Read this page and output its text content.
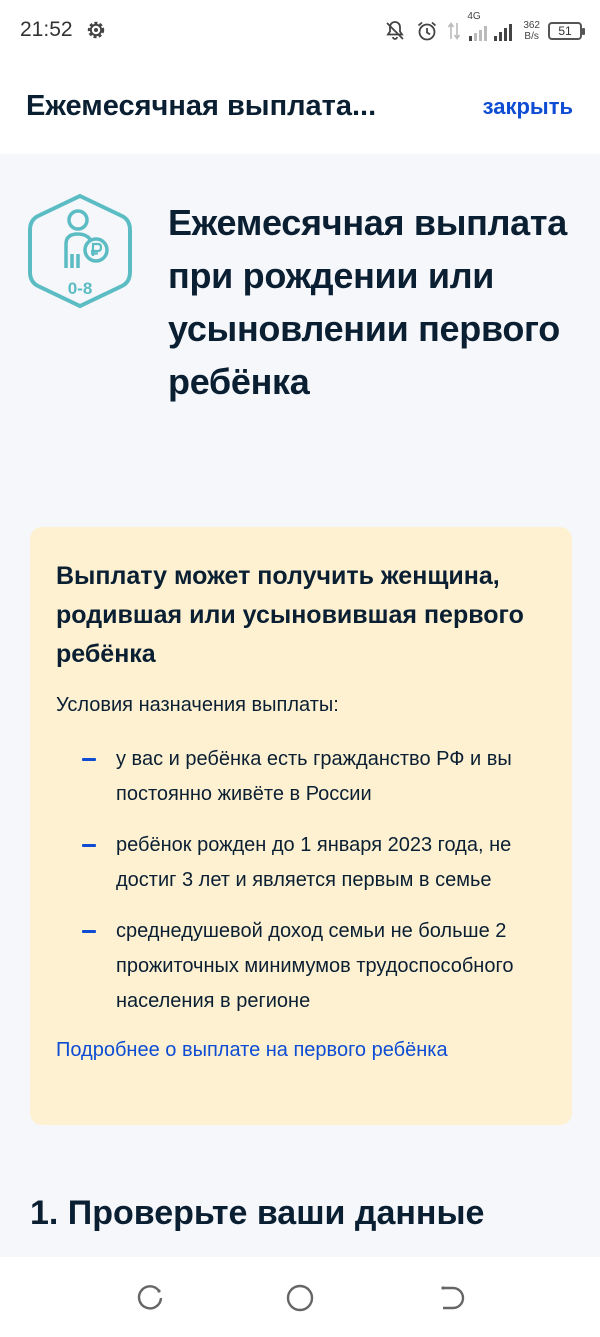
21:52
4G
362
B/s 51
Ежемесячная выплата...	закрыть
0-8
Ежемесячная выплата при рождении или усыновлении первого ребёнка

Выплату может получить женщина, родившая или усыновившая первого ребёнка

Условия назначения выплаты:
у вас и ребёнка есть гражданство РФ и вы постоянно живёте в России
ребёнок рожден до 1 января 2023 года, не достиг 3 лет и является первым в семье
среднедушевой доход семьи не больше 2 прожиточных минимумов трудоспособного населения в регионе
Подробнее о выплате на первого ребёнка
1. Проверьте ваши данные
